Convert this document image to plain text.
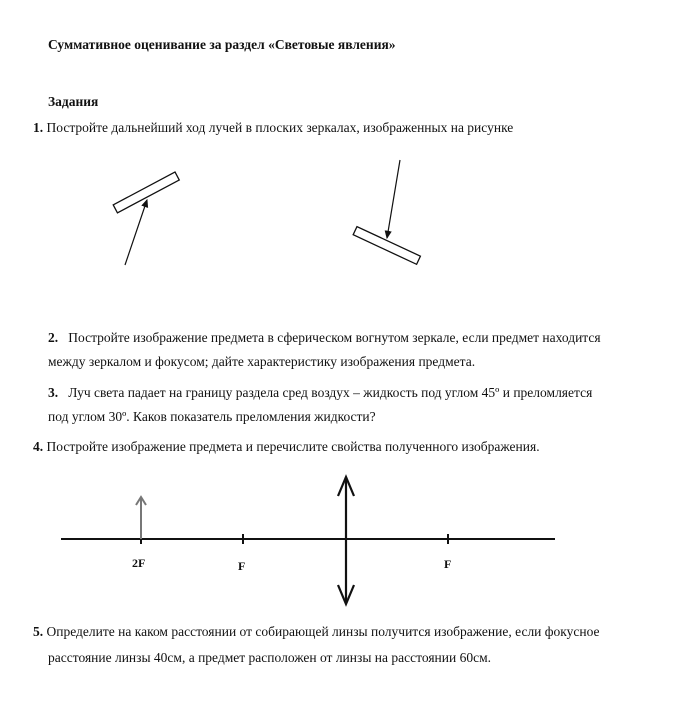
Суммативное оценивание за раздел «Световые явления»
Задания
1. Постройте дальнейший ход лучей в плоских зеркалах, изображенных на рисунке
2F	F	F
2. Постройте изображение предмета в сферическом вогнутом зеркале, если предмет находится
между зеркалом и фокусом; дайте характеристику изображения предмета.
3. Луч света падает на границу раздела сред воздух – жидкость под углом 45º и преломляется
под углом 30º. Каков показатель преломления жидкости?
4. Постройте изображение предмета и перечислите свойства полученного изображения.
5. Определите на каком расстоянии от собирающей линзы получится изображение, если фокусное
расстояние линзы 40см, а предмет расположен от линзы на расстоянии 60см.
